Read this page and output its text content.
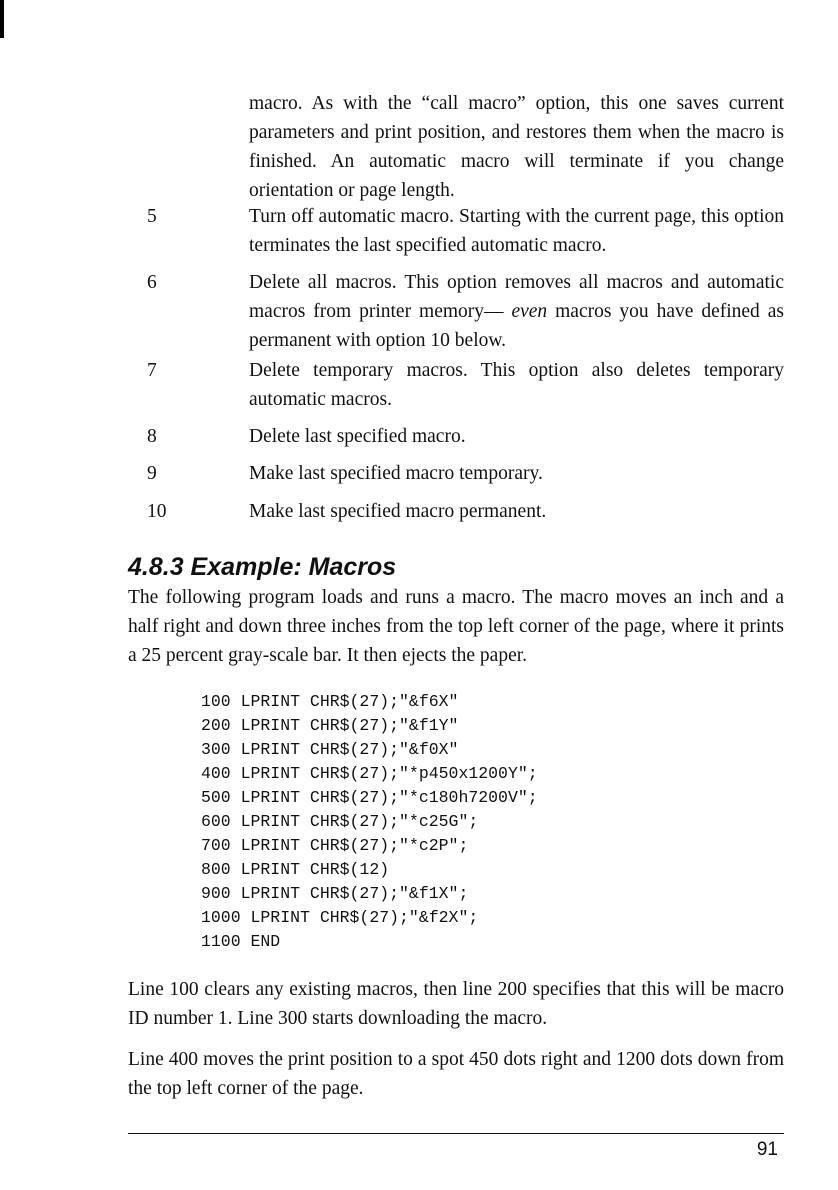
macro. As with the “call macro” option, this one saves current parameters and print position, and restores them when the macro is finished. An automatic macro will terminate if you change orientation or page length.

5	Turn off automatic macro. Starting with the current page, this option terminates the last specified automatic macro.
6	Delete all macros. This option removes all macros and automatic macros from printer memory— even macros you have defined as permanent with option 10 below.
7	Delete temporary macros. This option also deletes temporary automatic macros.
8	Delete last specified macro.
9	Make last specified macro temporary.
10	Make last specified macro permanent.
4.8.3 Example: Macros

The following program loads and runs a macro. The macro moves an inch and a half right and down three inches from the top left corner of the page, where it prints a 25 percent gray-scale bar. It then ejects the paper.

100 LPRINT CHR$(27);"&f6X"
200 LPRINT CHR$(27);"&f1Y"
300 LPRINT CHR$(27);"&f0X"
400 LPRINT CHR$(27);"*p450x1200Y";
500 LPRINT CHR$(27);"*c180h7200V";
600 LPRINT CHR$(27);"*c25G";
700 LPRINT CHR$(27);"*c2P";
800 LPRINT CHR$(12)
900 LPRINT CHR$(27);"&f1X";
1000 LPRINT CHR$(27);"&f2X";
1100 END

Line 100 clears any existing macros, then line 200 specifies that this will be macro ID number 1. Line 300 starts downloading the macro.

Line 400 moves the print position to a spot 450 dots right and 1200 dots down from the top left corner of the page.

91
